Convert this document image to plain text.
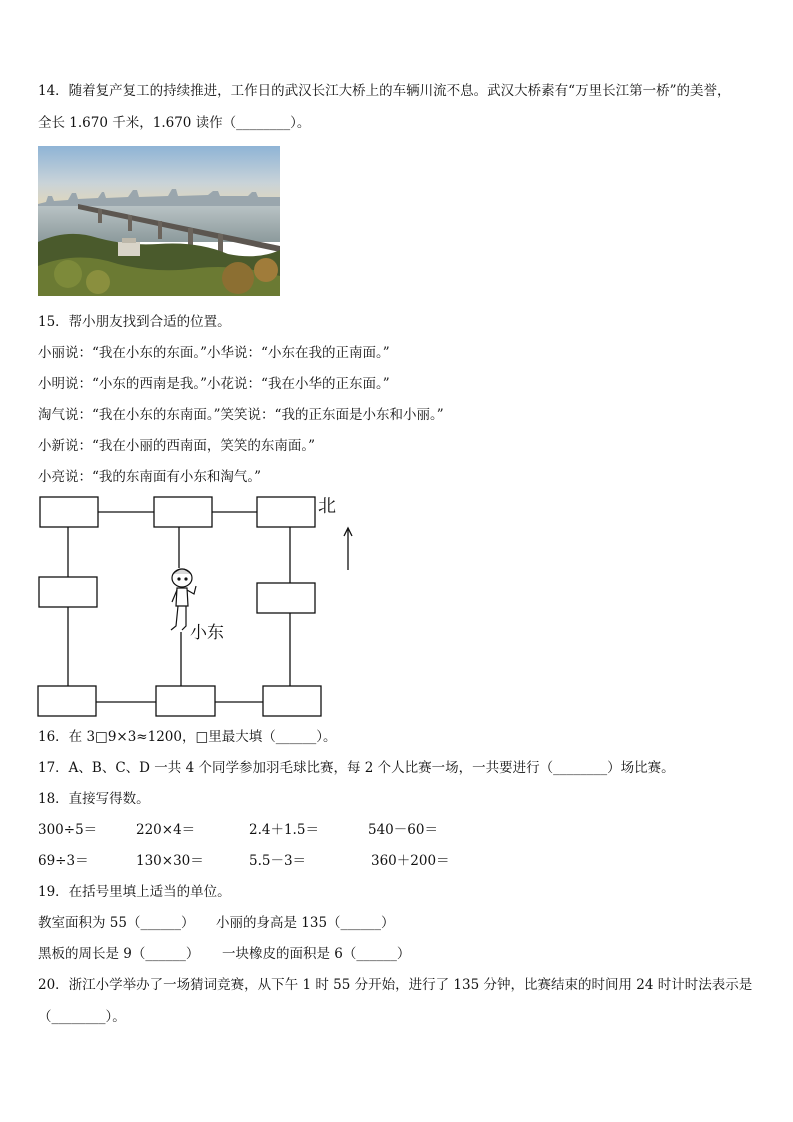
14．随着复产复工的持续推进，工作日的武汉长江大桥上的车辆川流不息。武汉大桥素有“万里长江第一桥”的美誉，
全长 1.670 千米，1.670 读作（________）。
15．帮小朋友找到合适的位置。
小丽说：“我在小东的东面。”小华说：“小东在我的正南面。”
小明说：“小东的西南是我。”小花说：“我在小华的正东面。”
淘气说：“我在小东的东南面。”笑笑说：“我的正东面是小东和小丽。”
小新说：“我在小丽的西南面，笑笑的东南面。”
小亮说：“我的东南面有小东和淘气。”
北
小东
16．在 3□9×3≈1200，□里最大填（______）。
17．A、B、C、D 一共 4 个同学参加羽毛球比赛，每 2 个人比赛一场，一共要进行（________）场比赛。
18．直接写得数。
300÷5＝	220×4＝	2.4＋1.5＝	540－60＝
69÷3＝	130×30＝	5.5－3＝	360＋200＝
19．在括号里填上适当的单位。
教室面积为 55（______） 小丽的身高是 135（______）
黑板的周长是 9（______） 一块橡皮的面积是 6（______）
20．浙江小学举办了一场猜词竞赛，从下午 1 时 55 分开始，进行了 135 分钟，比赛结束的时间用 24 时计时法表示是
（________）。
